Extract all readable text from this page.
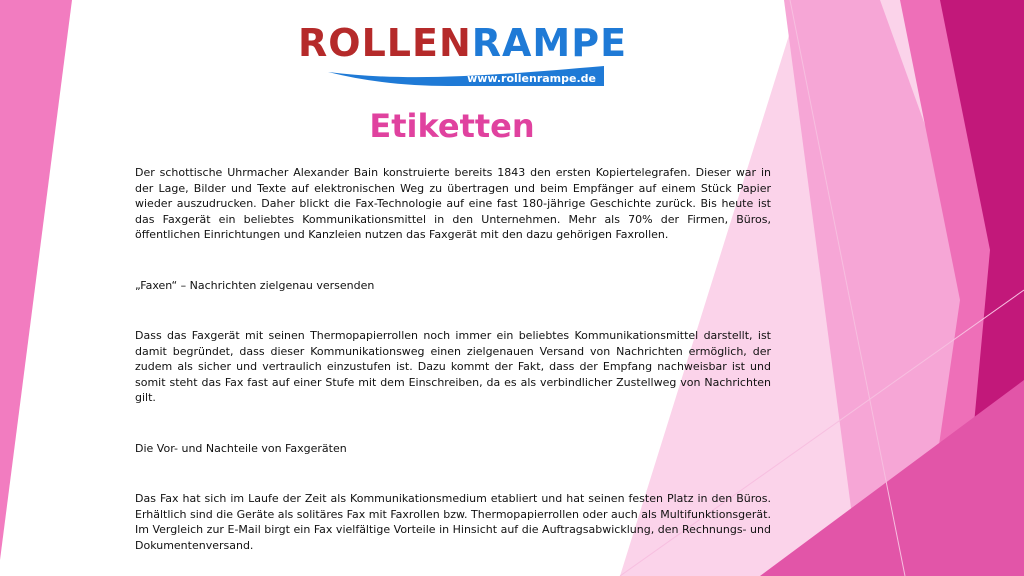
ROLLENRAMPE
www.rollenrampe.de
Etiketten

Der schottische Uhrmacher Alexander Bain konstruierte bereits 1843 den ersten Kopiertelegrafen. Dieser war in der Lage, Bilder und Texte auf elektronischen Weg zu übertragen und beim Empfänger auf einem Stück Papier wieder auszudrucken. Daher blickt die Fax-Technologie auf eine fast 180-jährige Geschichte zurück. Bis heute ist das Faxgerät ein beliebtes Kommunikationsmittel in den Unternehmen. Mehr als 70% der Firmen, Büros, öffentlichen Einrichtungen und Kanzleien nutzen das Faxgerät mit den dazu gehörigen Faxrollen.

„Faxen“ – Nachrichten zielgenau versenden

Dass das Faxgerät mit seinen Thermopapierrollen noch immer ein beliebtes Kommunikationsmittel darstellt, ist damit begründet, dass dieser Kommunikationsweg einen zielgenauen Versand von Nachrichten ermöglich, der zudem als sicher und vertraulich einzustufen ist. Dazu kommt der Fakt, dass der Empfang nachweisbar ist und somit steht das Fax fast auf einer Stufe mit dem Einschreiben, da es als verbindlicher Zustellweg von Nachrichten gilt.

Die Vor- und Nachteile von Faxgeräten

Das Fax hat sich im Laufe der Zeit als Kommunikationsmedium etabliert und hat seinen festen Platz in den Büros. Erhältlich sind die Geräte als solitäres Fax mit Faxrollen bzw. Thermopapierrollen oder auch als Multifunktionsgerät. Im Vergleich zur E-Mail birgt ein Fax vielfältige Vorteile in Hinsicht auf die Auftragsabwicklung, den Rechnungs- und Dokumentenversand.
